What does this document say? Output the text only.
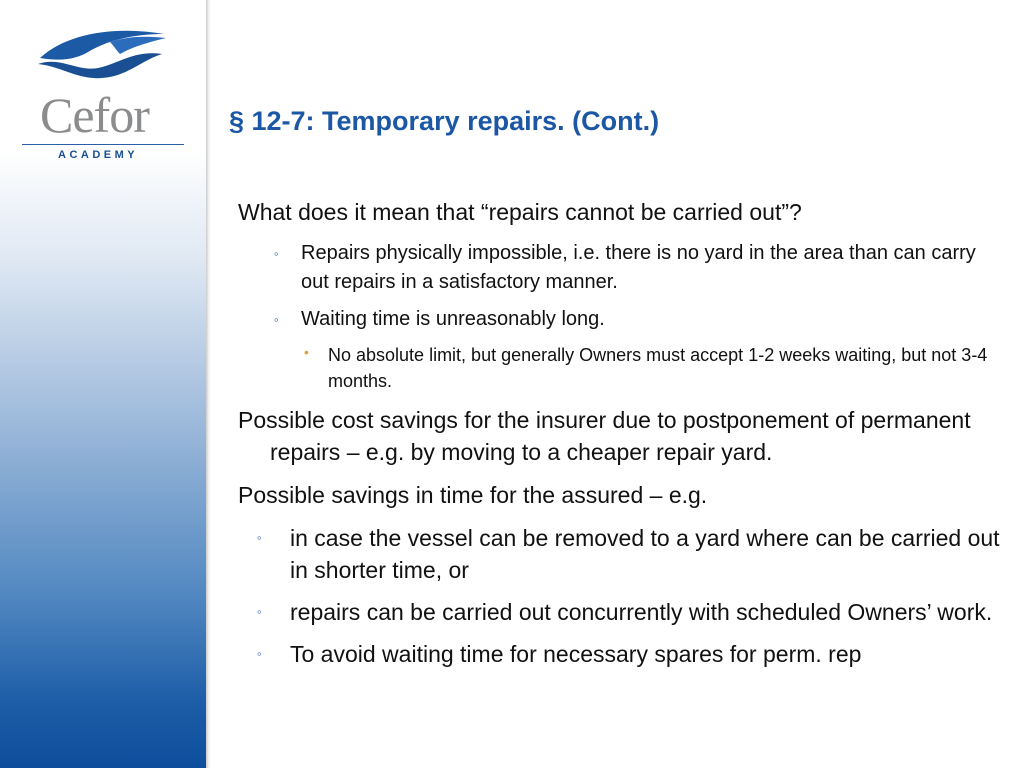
Cefor
ACADEMY
§ 12-7: Temporary repairs. (Cont.)
What does it mean that “repairs cannot be carried out”?
◦ Repairs physically impossible, i.e. there is no yard in the area than can carry out repairs in a satisfactory manner.
◦ Waiting time is unreasonably long.
• No absolute limit, but generally Owners must accept 1-2 weeks waiting, but not 3-4 months.
Possible cost savings for the insurer due to postponement of permanent repairs – e.g. by moving to a cheaper repair yard.
Possible savings in time for the assured – e.g.
◦ in case the vessel can be removed to a yard where can be carried out in shorter time, or
◦ repairs can be carried out concurrently with scheduled Owners’ work.
◦ To avoid waiting time for necessary spares for perm. rep
